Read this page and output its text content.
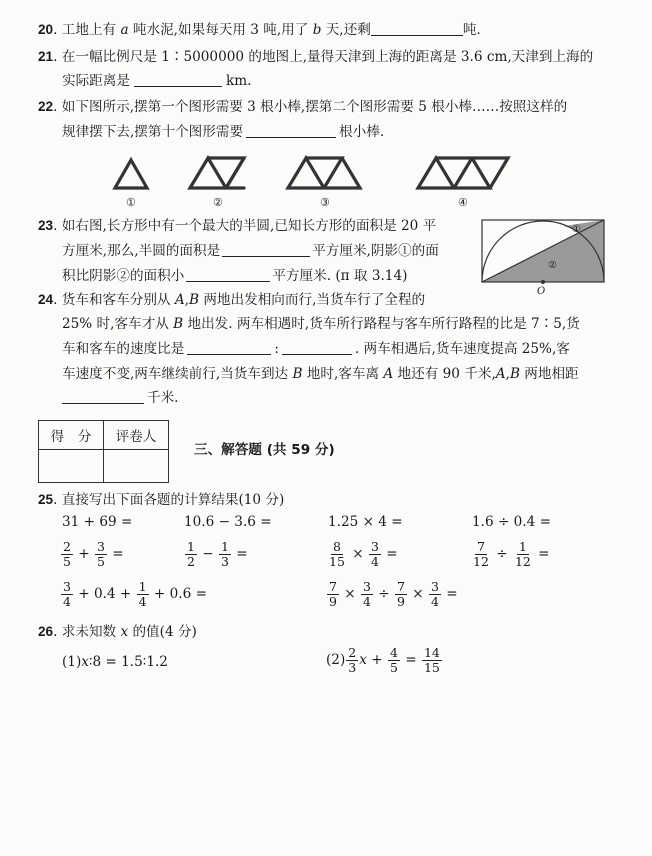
20. 工地上有 a 吨水泥,如果每天用 3 吨,用了 b 天,还剩	吨.
21. 在一幅比例尺是 1∶5000000 的地图上,量得天津到上海的距离是 3.6 cm,天津到上海的
实际距离是	km.
22. 如下图所示,摆第一个图形需要 3 根小棒,摆第二个图形需要 5 根小棒……按照这样的
规律摆下去,摆第十个图形需要	根小棒.
①	②	③	④
23. 如右图,长方形中有一个最大的半圆,已知长方形的面积是 20 平
方厘米,那么,半圆的面积是	平方厘米,阴影①的面
积比阴影②的面积小	平方厘米. (π 取 3.14)
①
②
O
24. 货车和客车分别从 A,B 两地出发相向而行,当货车行了全程的
25% 时,客车才从 B 地出发. 两车相遇时,货车所行路程与客车所行路程的比是 7∶5,货
车和客车的速度比是	:	. 两车相遇后,货车速度提高 25%,客
车速度不变,两车继续前行,当货车到达 B 地时,客车离 A 地还有 90 千米,A,B 两地相距
千米.
得　分	评卷人

三、解答题 (共 59 分)
25. 直接写出下面各题的计算结果(10 分)
31 + 69 =	10.6 − 3.6 =	1.25 × 4 =	1.6 ÷ 0.4 =
$\frac{2}{5} + \frac{3}{5}$ =	$\frac{1}{2} - \frac{1}{3}$ =	$\frac{8}{15} \times \frac{3}{4}$ =	$\frac{7}{12} \div \frac{1}{12}$ =
$\frac{3}{4} + 0.4 + \frac{1}{4} + 0.6$ =	$\frac{7}{9} \times \frac{3}{4} \div \frac{7}{9} \times \frac{3}{4}$ =
26. 求未知数 x 的值(4 分)
(1)x∶8 = 1.5∶1.2	$(2) \frac{2}{3}$ $x + \frac{4}{5} = \frac{14}{15}$
